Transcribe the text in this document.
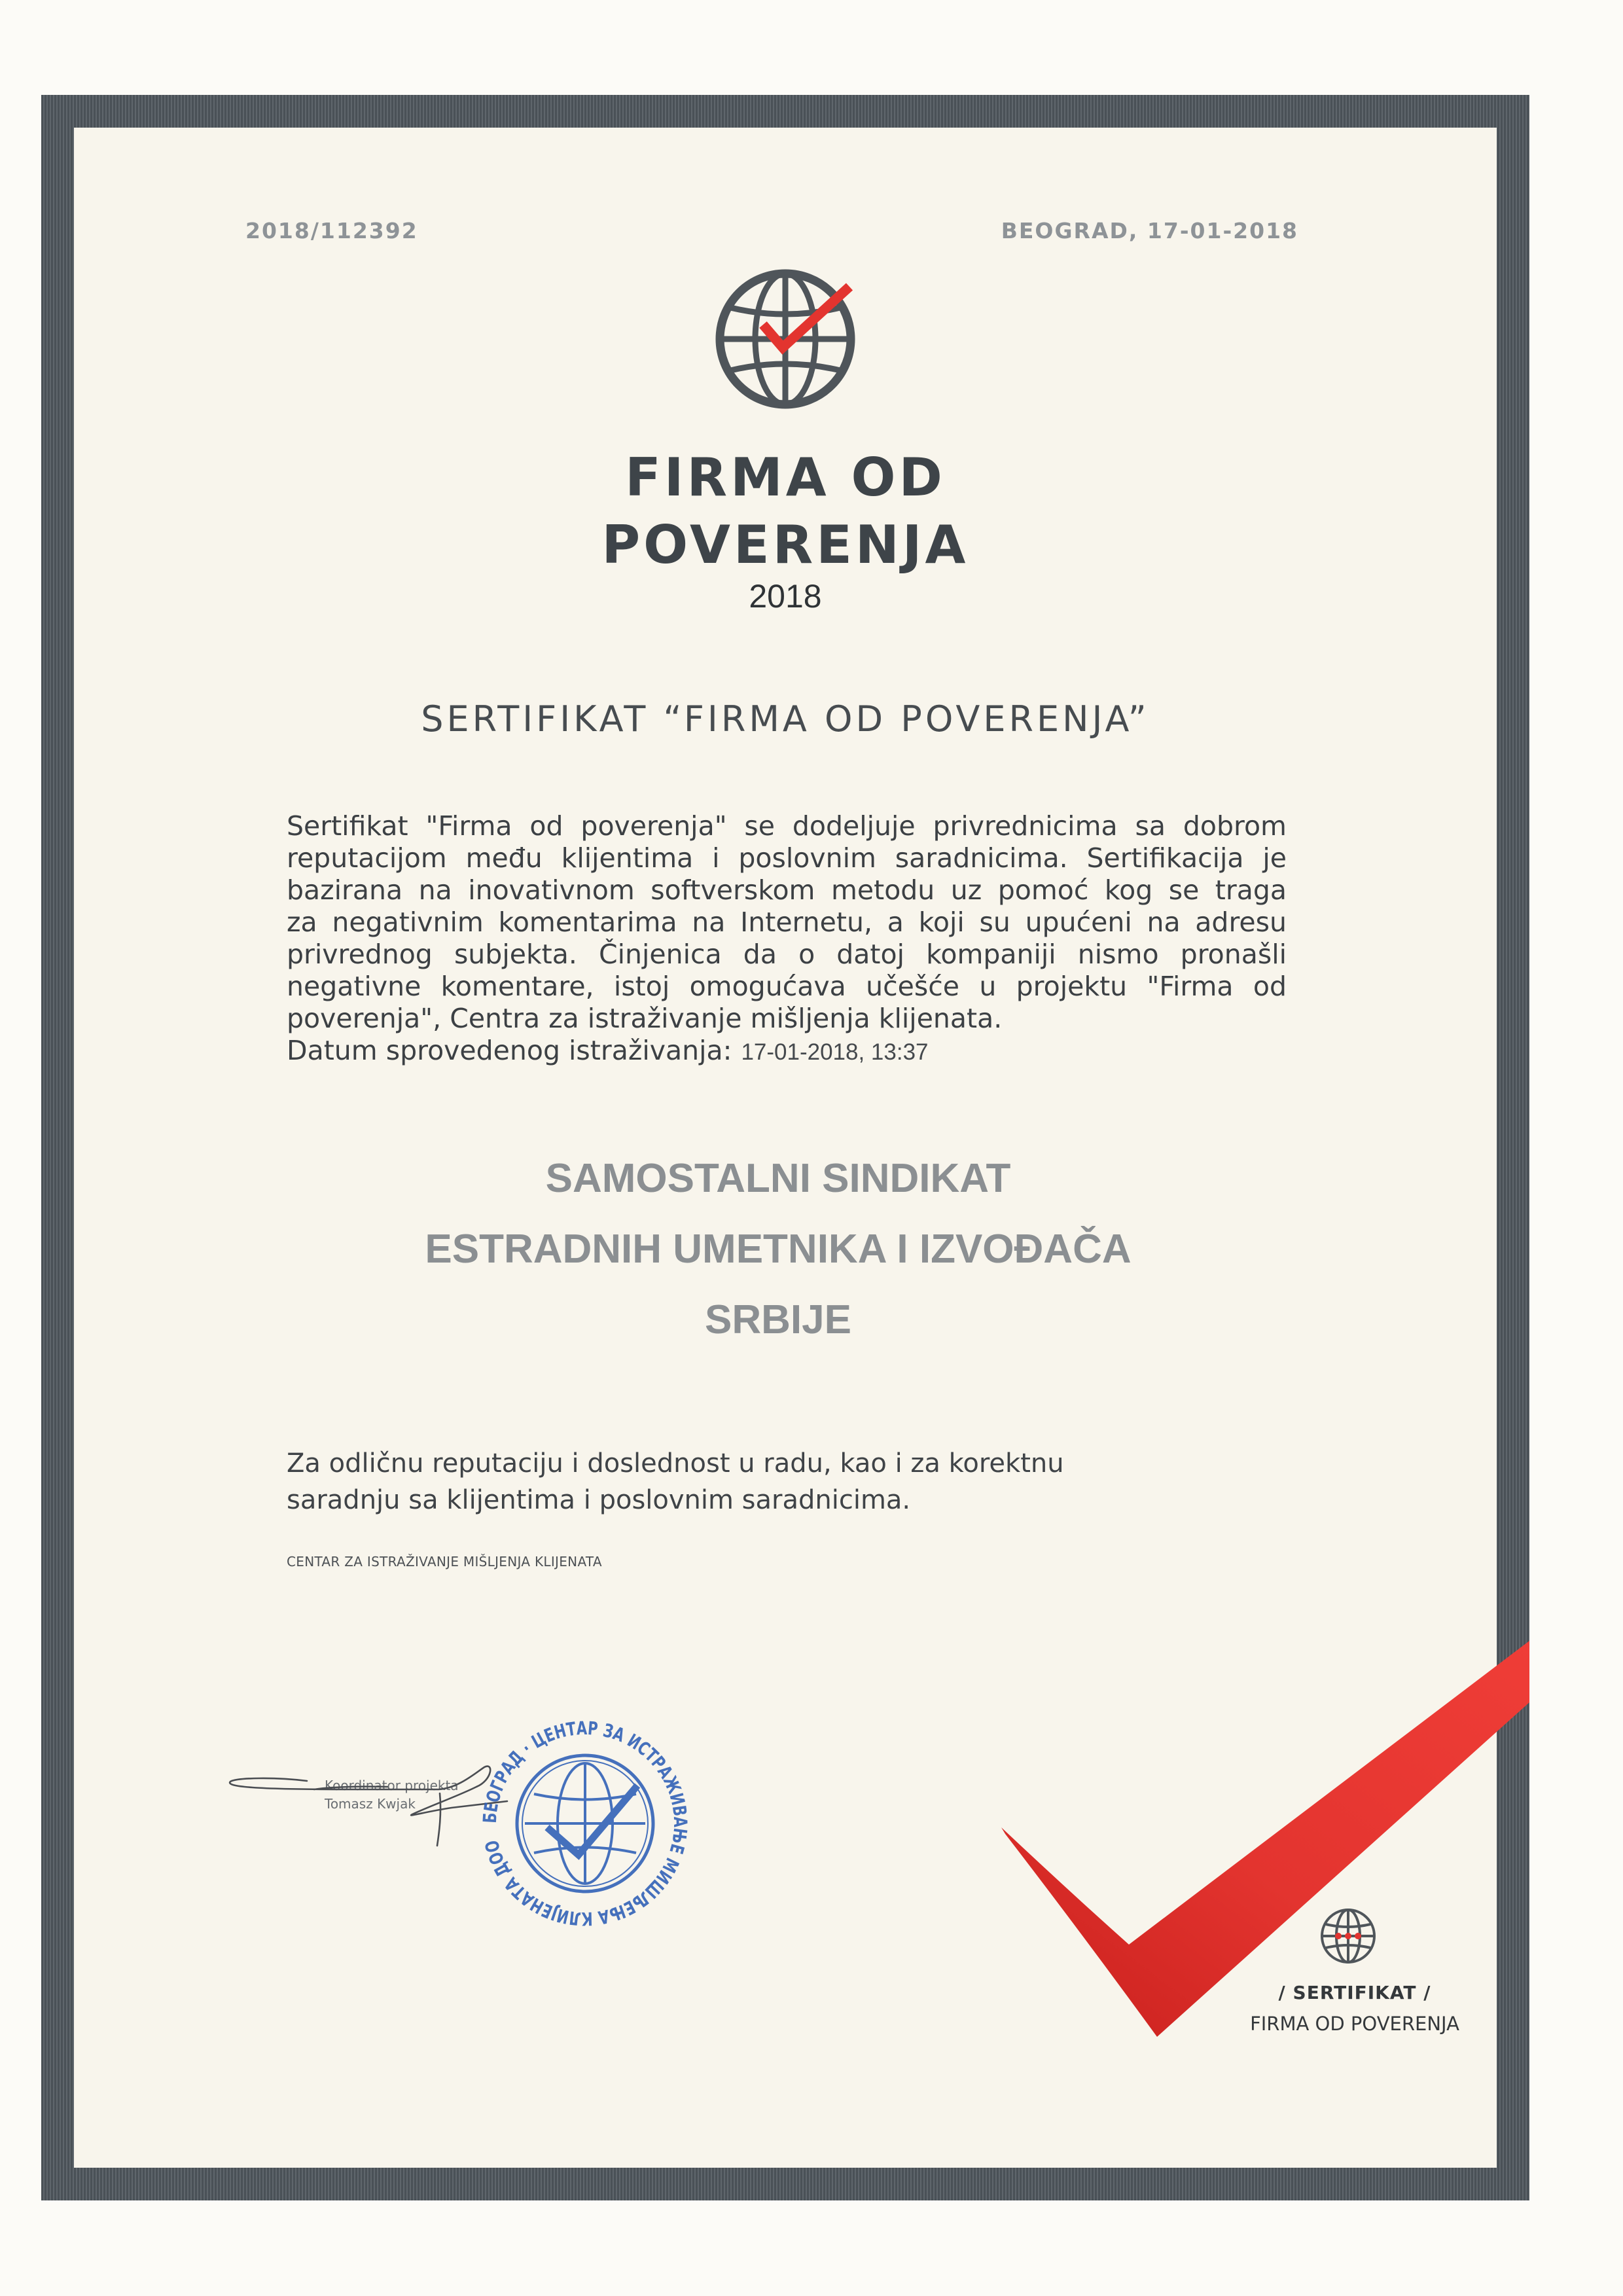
2018/112392	BEOGRAD, 17-01-2018
FIRMA OD
POVERENJA
2018
SERTIFIKAT “FIRMA OD POVERENJA”
Sertifikat "Firma od poverenja" se dodeljuje privrednicima sa dobrom
reputacijom među klijentima i poslovnim saradnicima. Sertifikacija je
bazirana na inovativnom softverskom metodu uz pomoć kog se traga
za negativnim komentarima na Internetu, a koji su upućeni na adresu
privrednog subjekta. Činjenica da o datoj kompaniji nismo pronašli
negativne komentare, istoj omogućava učešće u projektu "Firma od
poverenja", Centra za istraživanje mišljenja klijenata.
Datum sprovedenog istraživanja: 17-01-2018, 13:37
SAMOSTALNI SINDIKAT
ESTRADNIH UMETNIKA I IZVOĐAČA
SRBIJE
Za odličnu reputaciju i doslednost u radu, kao i za korektnu
saradnju sa klijentima i poslovnim saradnicima.
CENTAR ZA ISTRAŽIVANJE MIŠLJENJA KLIJENATA
Koordinator projekta
Tomasz Kwjak
БЕОГРАД · ЦЕНТАР ЗА ИСТРАЖИВАЊЕ МИШЉЕЊА КЛИЈЕНАТА ДОО
/ SERTIFIKAT /
FIRMA OD POVERENJA
